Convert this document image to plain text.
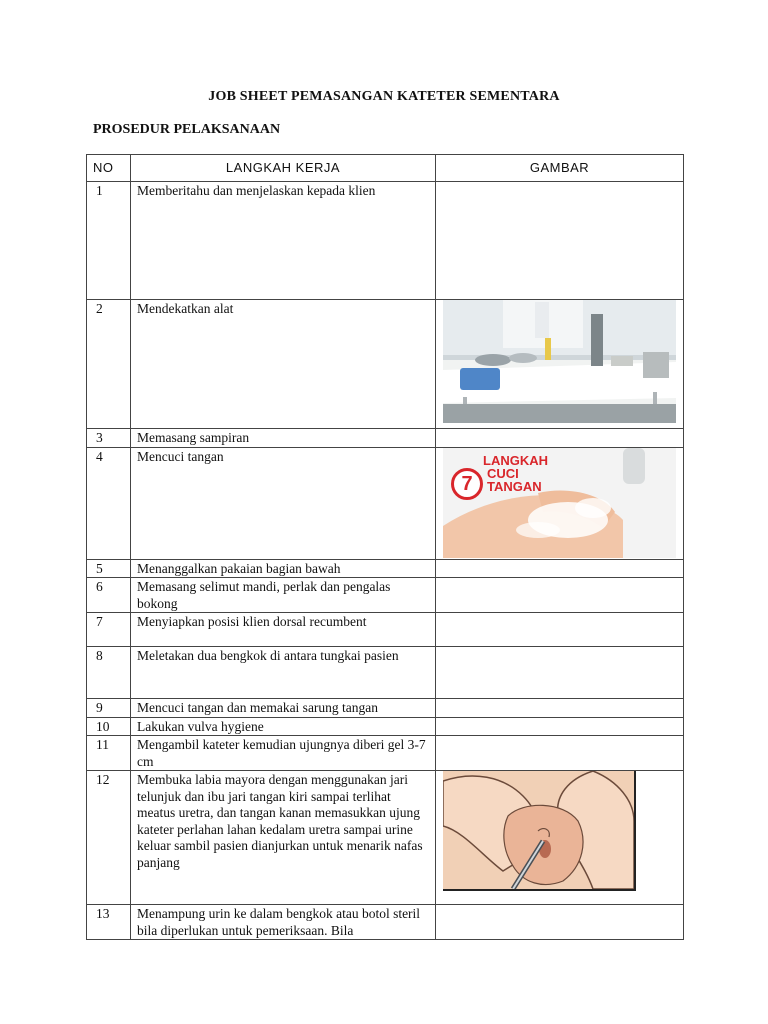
JOB SHEET PEMASANGAN KATETER SEMENTARA
PROSEDUR PELAKSANAAN
NO	LANGKAH KERJA	GAMBAR
1	Memberitahu dan menjelaskan kepada klien	
2	Mendekatkan alat	

3	Memasang sampiran	
4	Mencuci tangan	7
LANGKAH
CUCI
TANGAN

5	Menanggalkan pakaian bagian bawah	
6	Memasang selimut mandi, perlak dan pengalas bokong	
7	Menyiapkan posisi klien dorsal recumbent	
8	Meletakan dua bengkok di antara tungkai pasien	
9	Mencuci tangan dan memakai sarung tangan	
10	Lakukan vulva hygiene	
11	Mengambil kateter kemudian ujungnya diberi gel 3-7 cm	
12	Membuka labia mayora dengan menggunakan jari telunjuk dan ibu jari tangan kiri sampai terlihat meatus uretra, dan tangan kanan memasukkan ujung kateter perlahan lahan kedalam uretra sampai urine keluar sambil pasien dianjurkan untuk menarik nafas panjang	

13	Menampung urin ke dalam bengkok atau botol steril bila diperlukan untuk pemeriksaan. Bila	
